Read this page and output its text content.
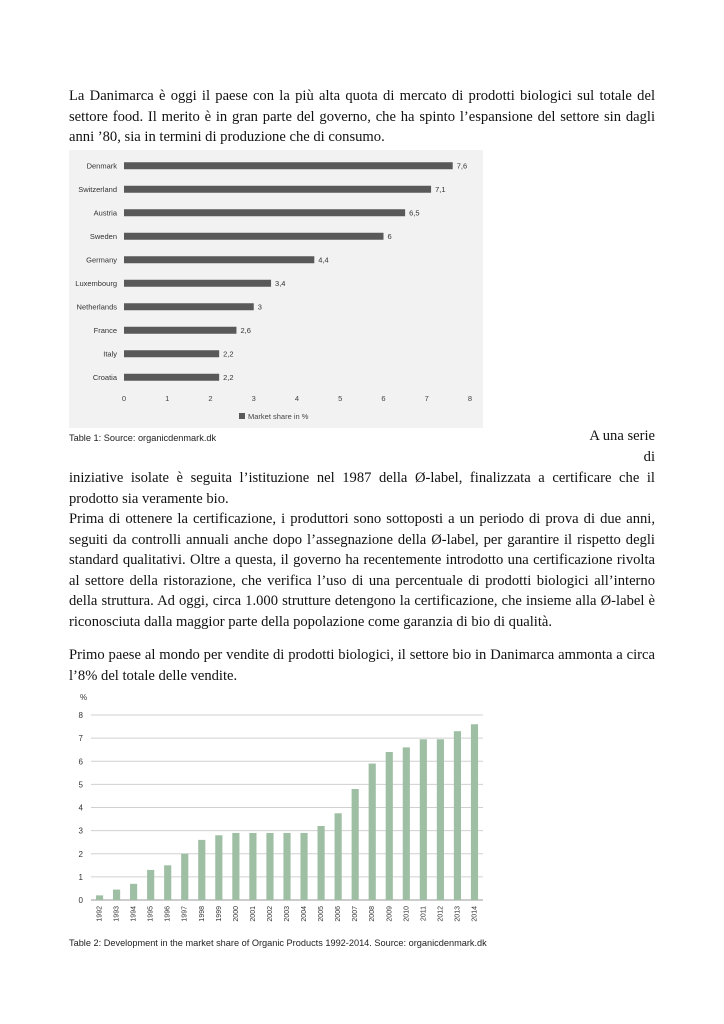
La Danimarca è oggi il paese con la più alta quota di mercato di prodotti biologici sul totale del settore food. Il merito è in gran parte del governo, che ha spinto l’espansione del settore sin dagli anni ’80, sia in termini di produzione che di consumo.

Denmark
Switzerland
Austria
Sweden
Germany
Luxembourg
Netherlands
France
Italy
Croatia
7,6
7,1
6,5
6
4,4
3,4
3
2,6
2,2
2,2
0	1	2	3	4	5	6	7	8
Market share in %
Table 1: Source: organicdenmark.dk	A una serie
di

iniziative isolate è seguita l’istituzione nel 1987 della Ø-label, finalizzata a certificare che il prodotto sia veramente bio.

Prima di ottenere la certificazione, i produttori sono sottoposti a un periodo di prova di due anni, seguiti da controlli annuali anche dopo l’assegnazione della Ø-label, per garantire il rispetto degli standard qualitativi. Oltre a questa, il governo ha recentemente introdotto una certificazione rivolta al settore della ristorazione, che verifica l’uso di una percentuale di prodotti biologici all’interno della struttura. Ad oggi, circa 1.000 strutture detengono la certificazione, che insieme alla Ø-label è riconosciuta dalla maggior parte della popolazione come garanzia di bio di qualità.

Primo paese al mondo per vendite di prodotti biologici, il settore bio in Danimarca ammonta a circa l’8% del totale delle vendite.

%
0
1
2
3
4
5
6
7
8
1992 1993 1994 1995 1996 1997 1998 1999 2000 2001 2002 2003 2004 2005 2006 2007 2008 2009 2010 2011 2012 2013 2014
Table 2: Development in the market share of Organic Products 1992-2014. Source: organicdenmark.dk
